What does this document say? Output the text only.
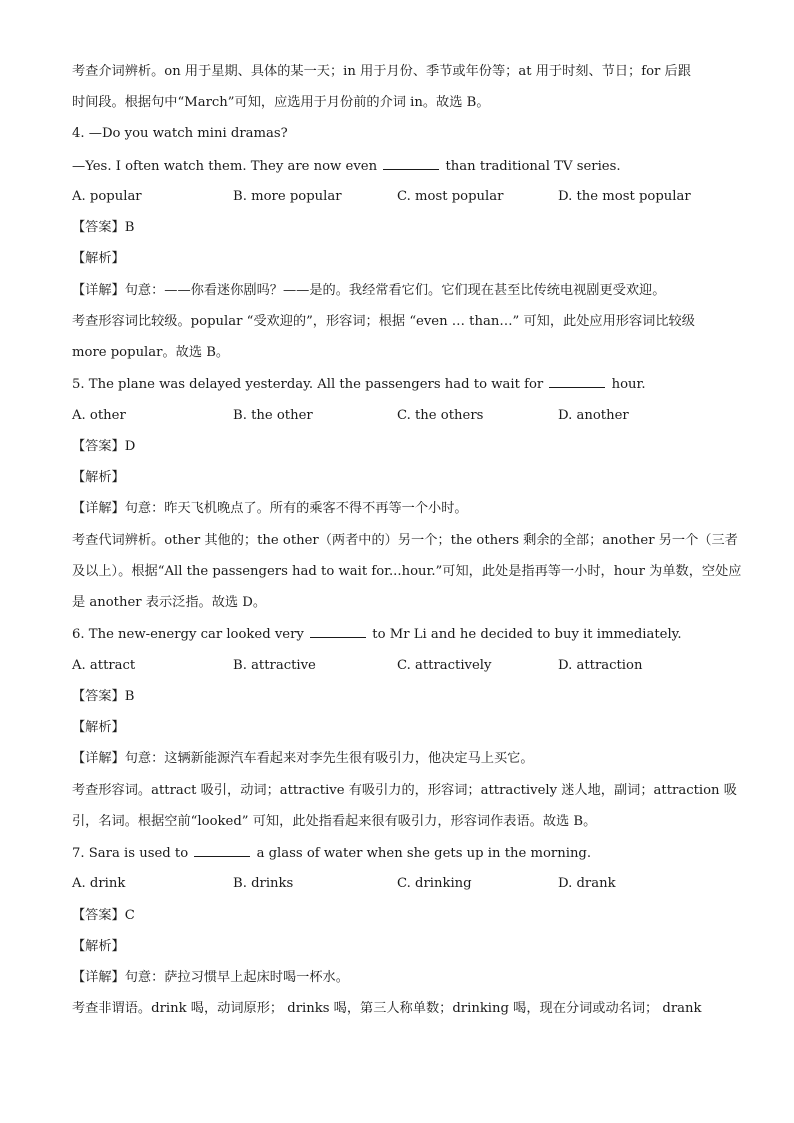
考查介词辨析。on 用于星期、具体的某一天；in 用于月份、季节或年份等；at 用于时刻、节日；for 后跟
时间段。根据句中“March”可知，应选用于月份前的介词 in。故选 B。
4. —Do you watch mini dramas?
—Yes. I often watch them. They are now even	than traditional TV series.
A. popular	B. more popular	C. most popular	D. the most popular
【答案】B
【解析】
【详解】句意：——你看迷你剧吗？——是的。我经常看它们。它们现在甚至比传统电视剧更受欢迎。
考查形容词比较级。popular “受欢迎的”，形容词；根据 “even … than…” 可知，此处应用形容词比较级
more popular。故选 B。
5. The plane was delayed yesterday. All the passengers had to wait for	hour.
A. other	B. the other	C. the others	D. another
【答案】D
【解析】
【详解】句意：昨天飞机晚点了。所有的乘客不得不再等一个小时。
考查代词辨析。other 其他的；the other（两者中的）另一个；the others 剩余的全部；another 另一个（三者
及以上）。根据“All the passengers had to wait for...hour.”可知，此处是指再等一小时，hour 为单数，空处应
是 another 表示泛指。故选 D。
6. The new-energy car looked very	to Mr Li and he decided to buy it immediately.
A. attract	B. attractive	C. attractively	D. attraction
【答案】B
【解析】
【详解】句意：这辆新能源汽车看起来对李先生很有吸引力，他决定马上买它。
考查形容词。attract 吸引，动词；attractive 有吸引力的，形容词；attractively 迷人地，副词；attraction 吸
引，名词。根据空前“looked” 可知，此处指看起来很有吸引力，形容词作表语。故选 B。
7. Sara is used to	a glass of water when she gets up in the morning.
A. drink	B. drinks	C. drinking	D. drank
【答案】C
【解析】
【详解】句意：萨拉习惯早上起床时喝一杯水。
考查非谓语。drink 喝，动词原形； drinks 喝，第三人称单数；drinking 喝，现在分词或动名词； drank
